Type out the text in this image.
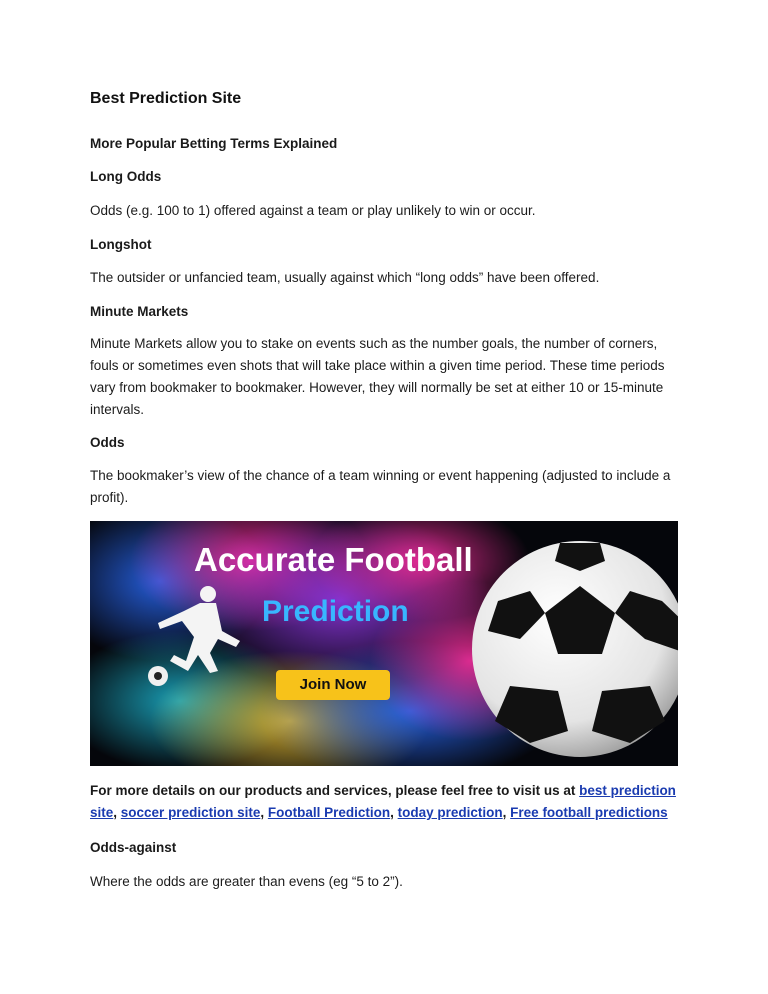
Best Prediction Site
More Popular Betting Terms Explained
Long Odds
Odds (e.g. 100 to 1) offered against a team or play unlikely to win or occur.
Longshot
The outsider or unfancied team, usually against which “long odds” have been offered.
Minute Markets
Minute Markets allow you to stake on events such as the number goals, the number of corners, fouls or sometimes even shots that will take place within a given time period. These time periods vary from bookmaker to bookmaker. However, they will normally be set at either 10 or 15-minute intervals.
Odds
The bookmaker’s view of the chance of a team winning or event happening (adjusted to include a profit).
Accurate Football
Prediction
Join Now
For more details on our products and services, please feel free to visit us at best prediction site, soccer prediction site, Football Prediction, today prediction, Free football predictions
Odds-against
Where the odds are greater than evens (eg “5 to 2”).
